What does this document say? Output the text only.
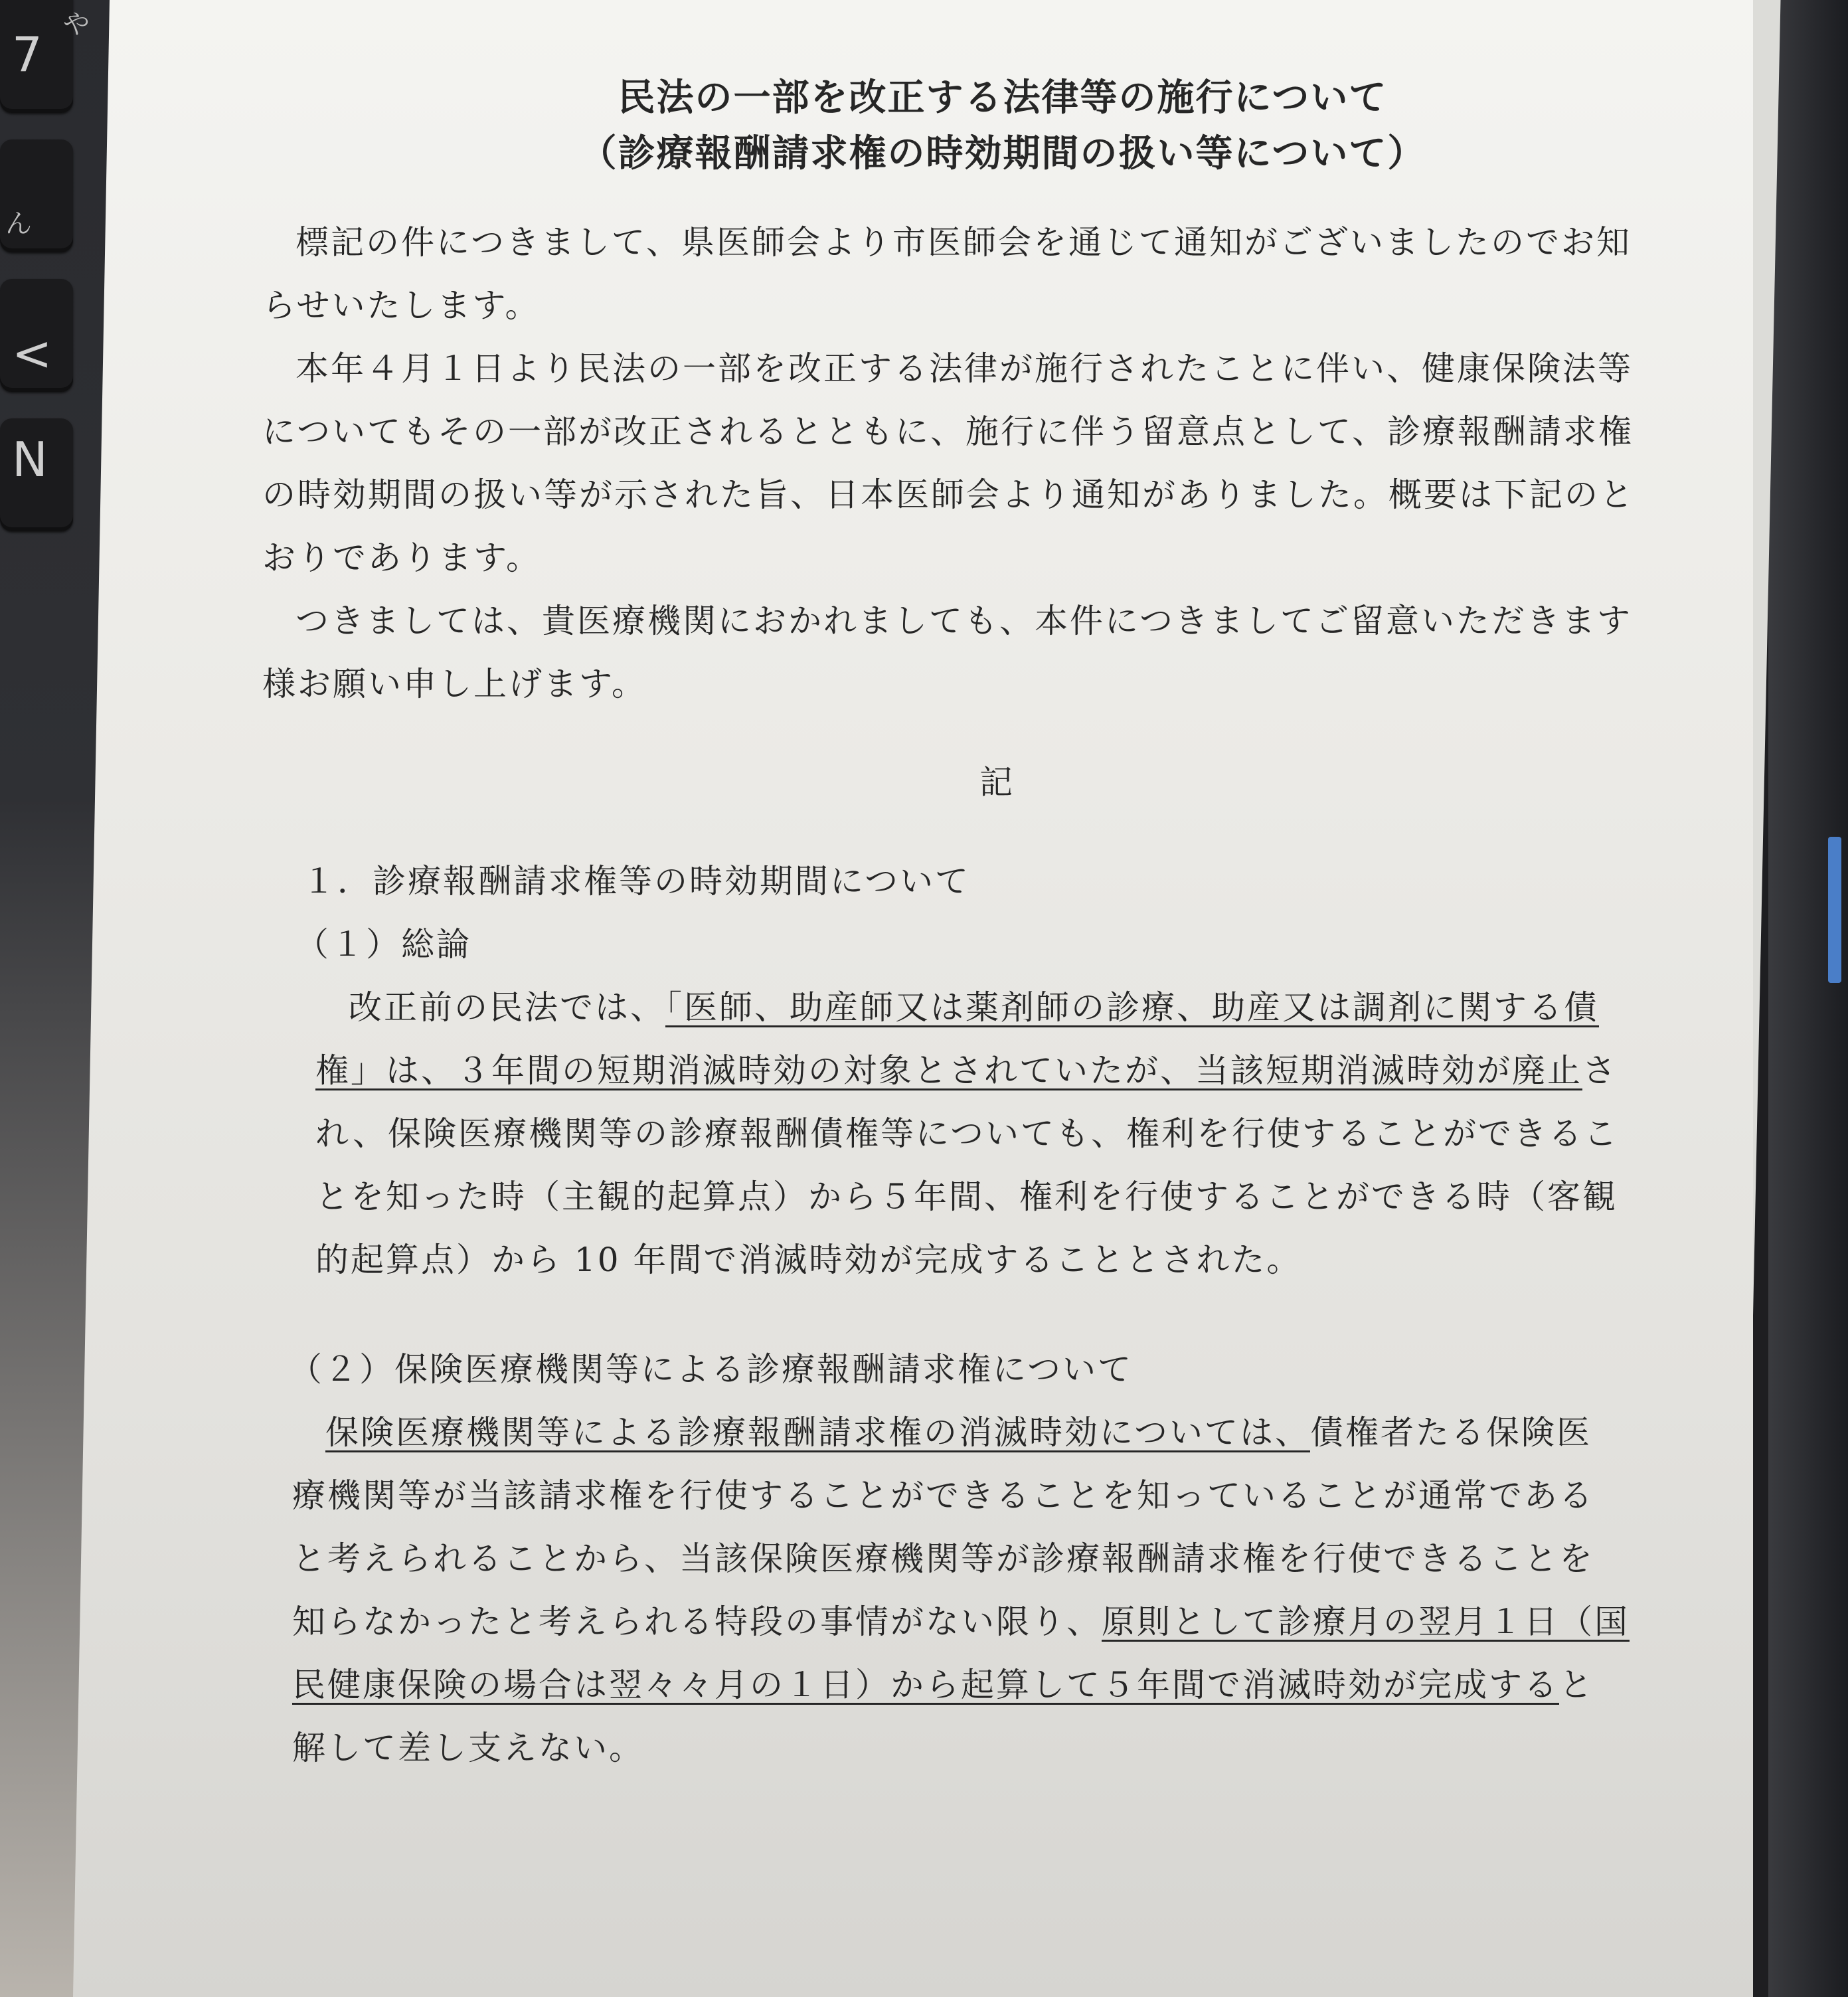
7
や
ん
<
N
民法の一部を改正する法律等の施行について
（診療報酬請求権の時効期間の扱い等について）
標記の件につきまして、県医師会より市医師会を通じて通知がございましたのでお知
らせいたします。
本年４月１日より民法の一部を改正する法律が施行されたことに伴い、健康保険法等
についてもその一部が改正されるとともに、施行に伴う留意点として、診療報酬請求権
の時効期間の扱い等が示された旨、日本医師会より通知がありました。概要は下記のと
おりであります。
つきましては、貴医療機関におかれましても、本件につきましてご留意いただきます
様お願い申し上げます。
記
１．診療報酬請求権等の時効期間について
（１）総論
改正前の民法では、「医師、助産師又は薬剤師の診療、助産又は調剤に関する債
権」は、３年間の短期消滅時効の対象とされていたが、当該短期消滅時効が廃止さ
れ、保険医療機関等の診療報酬債権等についても、権利を行使することができるこ
とを知った時（主観的起算点）から５年間、権利を行使することができる時（客観
的起算点）から 10 年間で消滅時効が完成することとされた。
（２）保険医療機関等による診療報酬請求権について
保険医療機関等による診療報酬請求権の消滅時効については、債権者たる保険医
療機関等が当該請求権を行使することができることを知っていることが通常である
と考えられることから、当該保険医療機関等が診療報酬請求権を行使できることを
知らなかったと考えられる特段の事情がない限り、原則として診療月の翌月１日（国
民健康保険の場合は翌々々月の１日）から起算して５年間で消滅時効が完成すると
解して差し支えない。
